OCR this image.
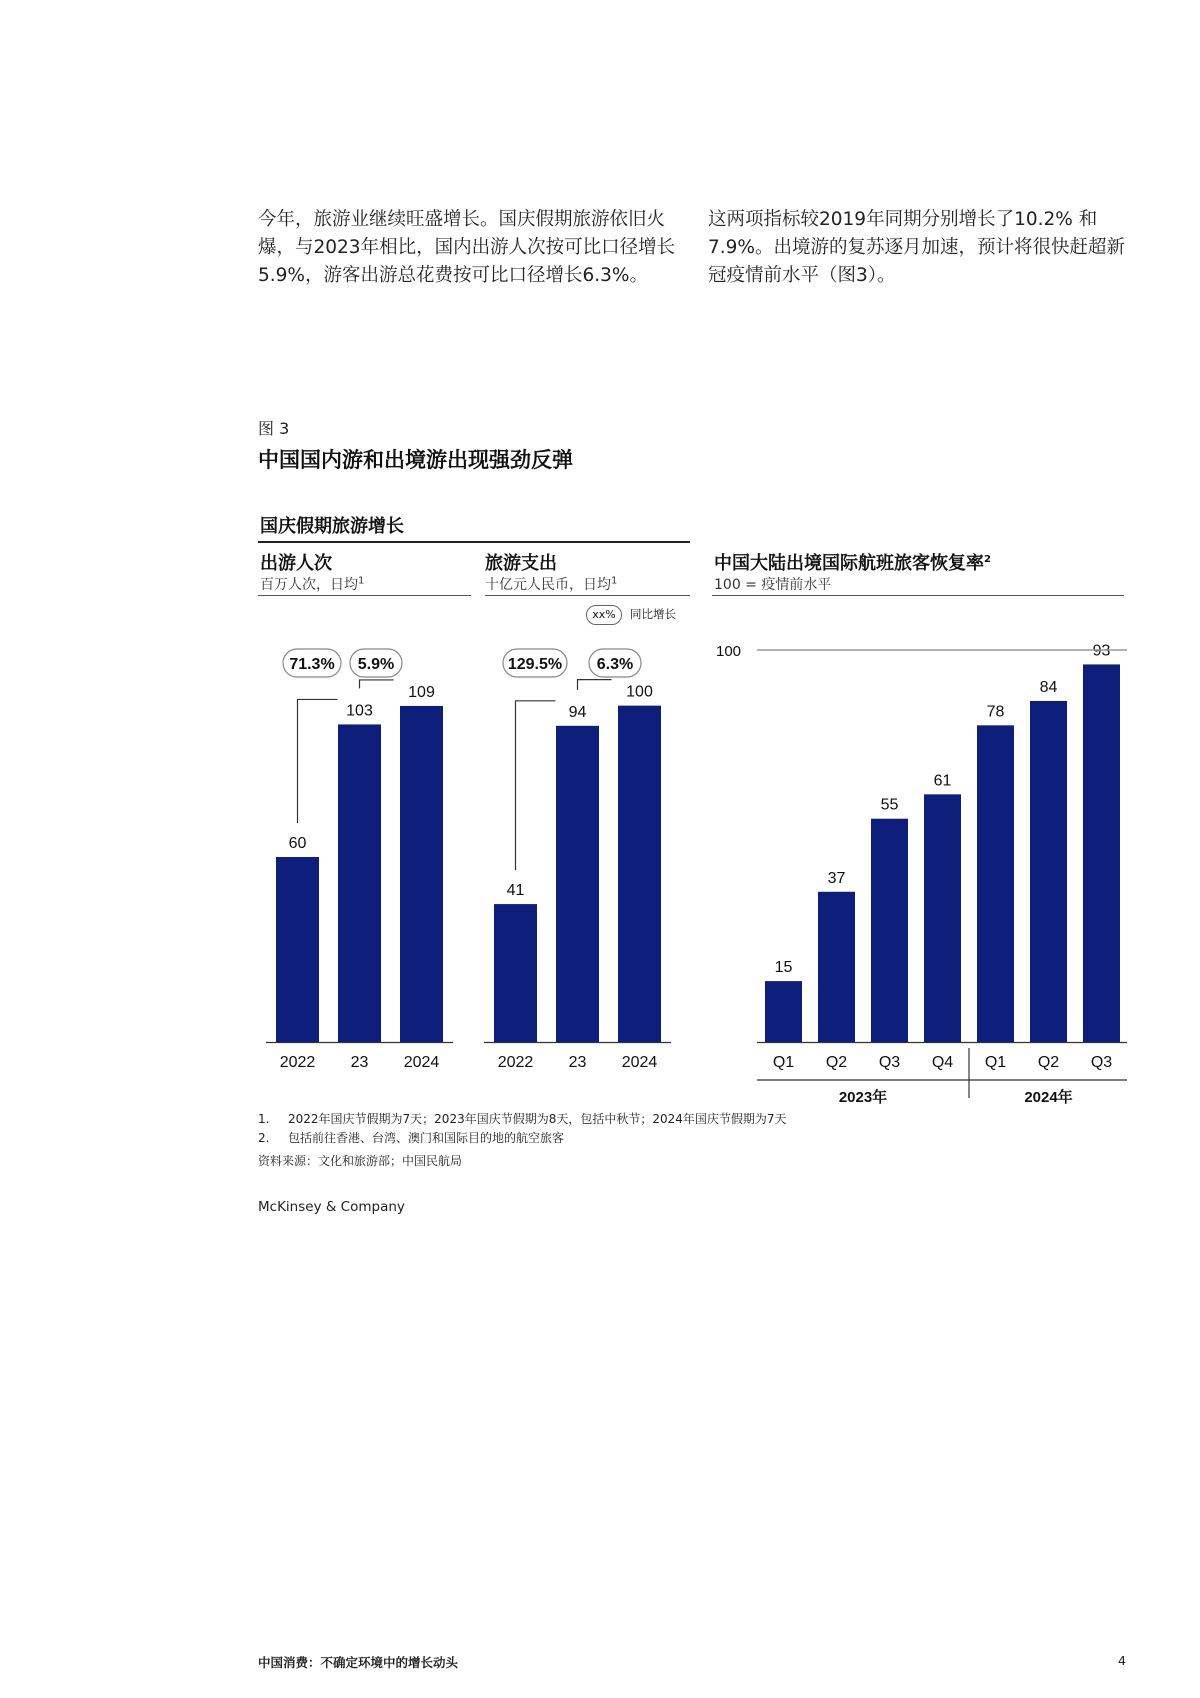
今年，旅游业继续旺盛增长。国庆假期旅游依旧火
爆，与2023年相比，国内出游人次按可比口径增长
5.9%，游客出游总花费按可比口径增长6.3%。
这两项指标较2019年同期分别增长了10.2% 和
7.9%。出境游的复苏逐月加速，预计将很快赶超新
冠疫情前水平（图3）。
图 3
中国国内游和出境游出现强劲反弹
国庆假期旅游增长
出游人次
百万人次，日均$^1$
旅游支出
十亿元人民币，日均$^1$
xx%	同比增长
中国大陆出境国际航班旅客恢复率$^2$
100 = 疫情前水平
60
2022
103
23
109
2024
71.3% 5.9%
41
2022
94
23
100
2024
129.5% 6.3%
15
Q1
37
Q2
55
Q3
61
Q4
78
Q1
84
Q2
93
Q3
100
2023年	2024年
1. 2022年国庆节假期为7天；2023年国庆节假期为8天，包括中秋节；2024年国庆节假期为7天
2. 包括前往香港、台湾、澳门和国际目的地的航空旅客
资料来源：文化和旅游部；中国民航局
McKinsey & Company
中国消费：不确定环境中的增长动头	4
